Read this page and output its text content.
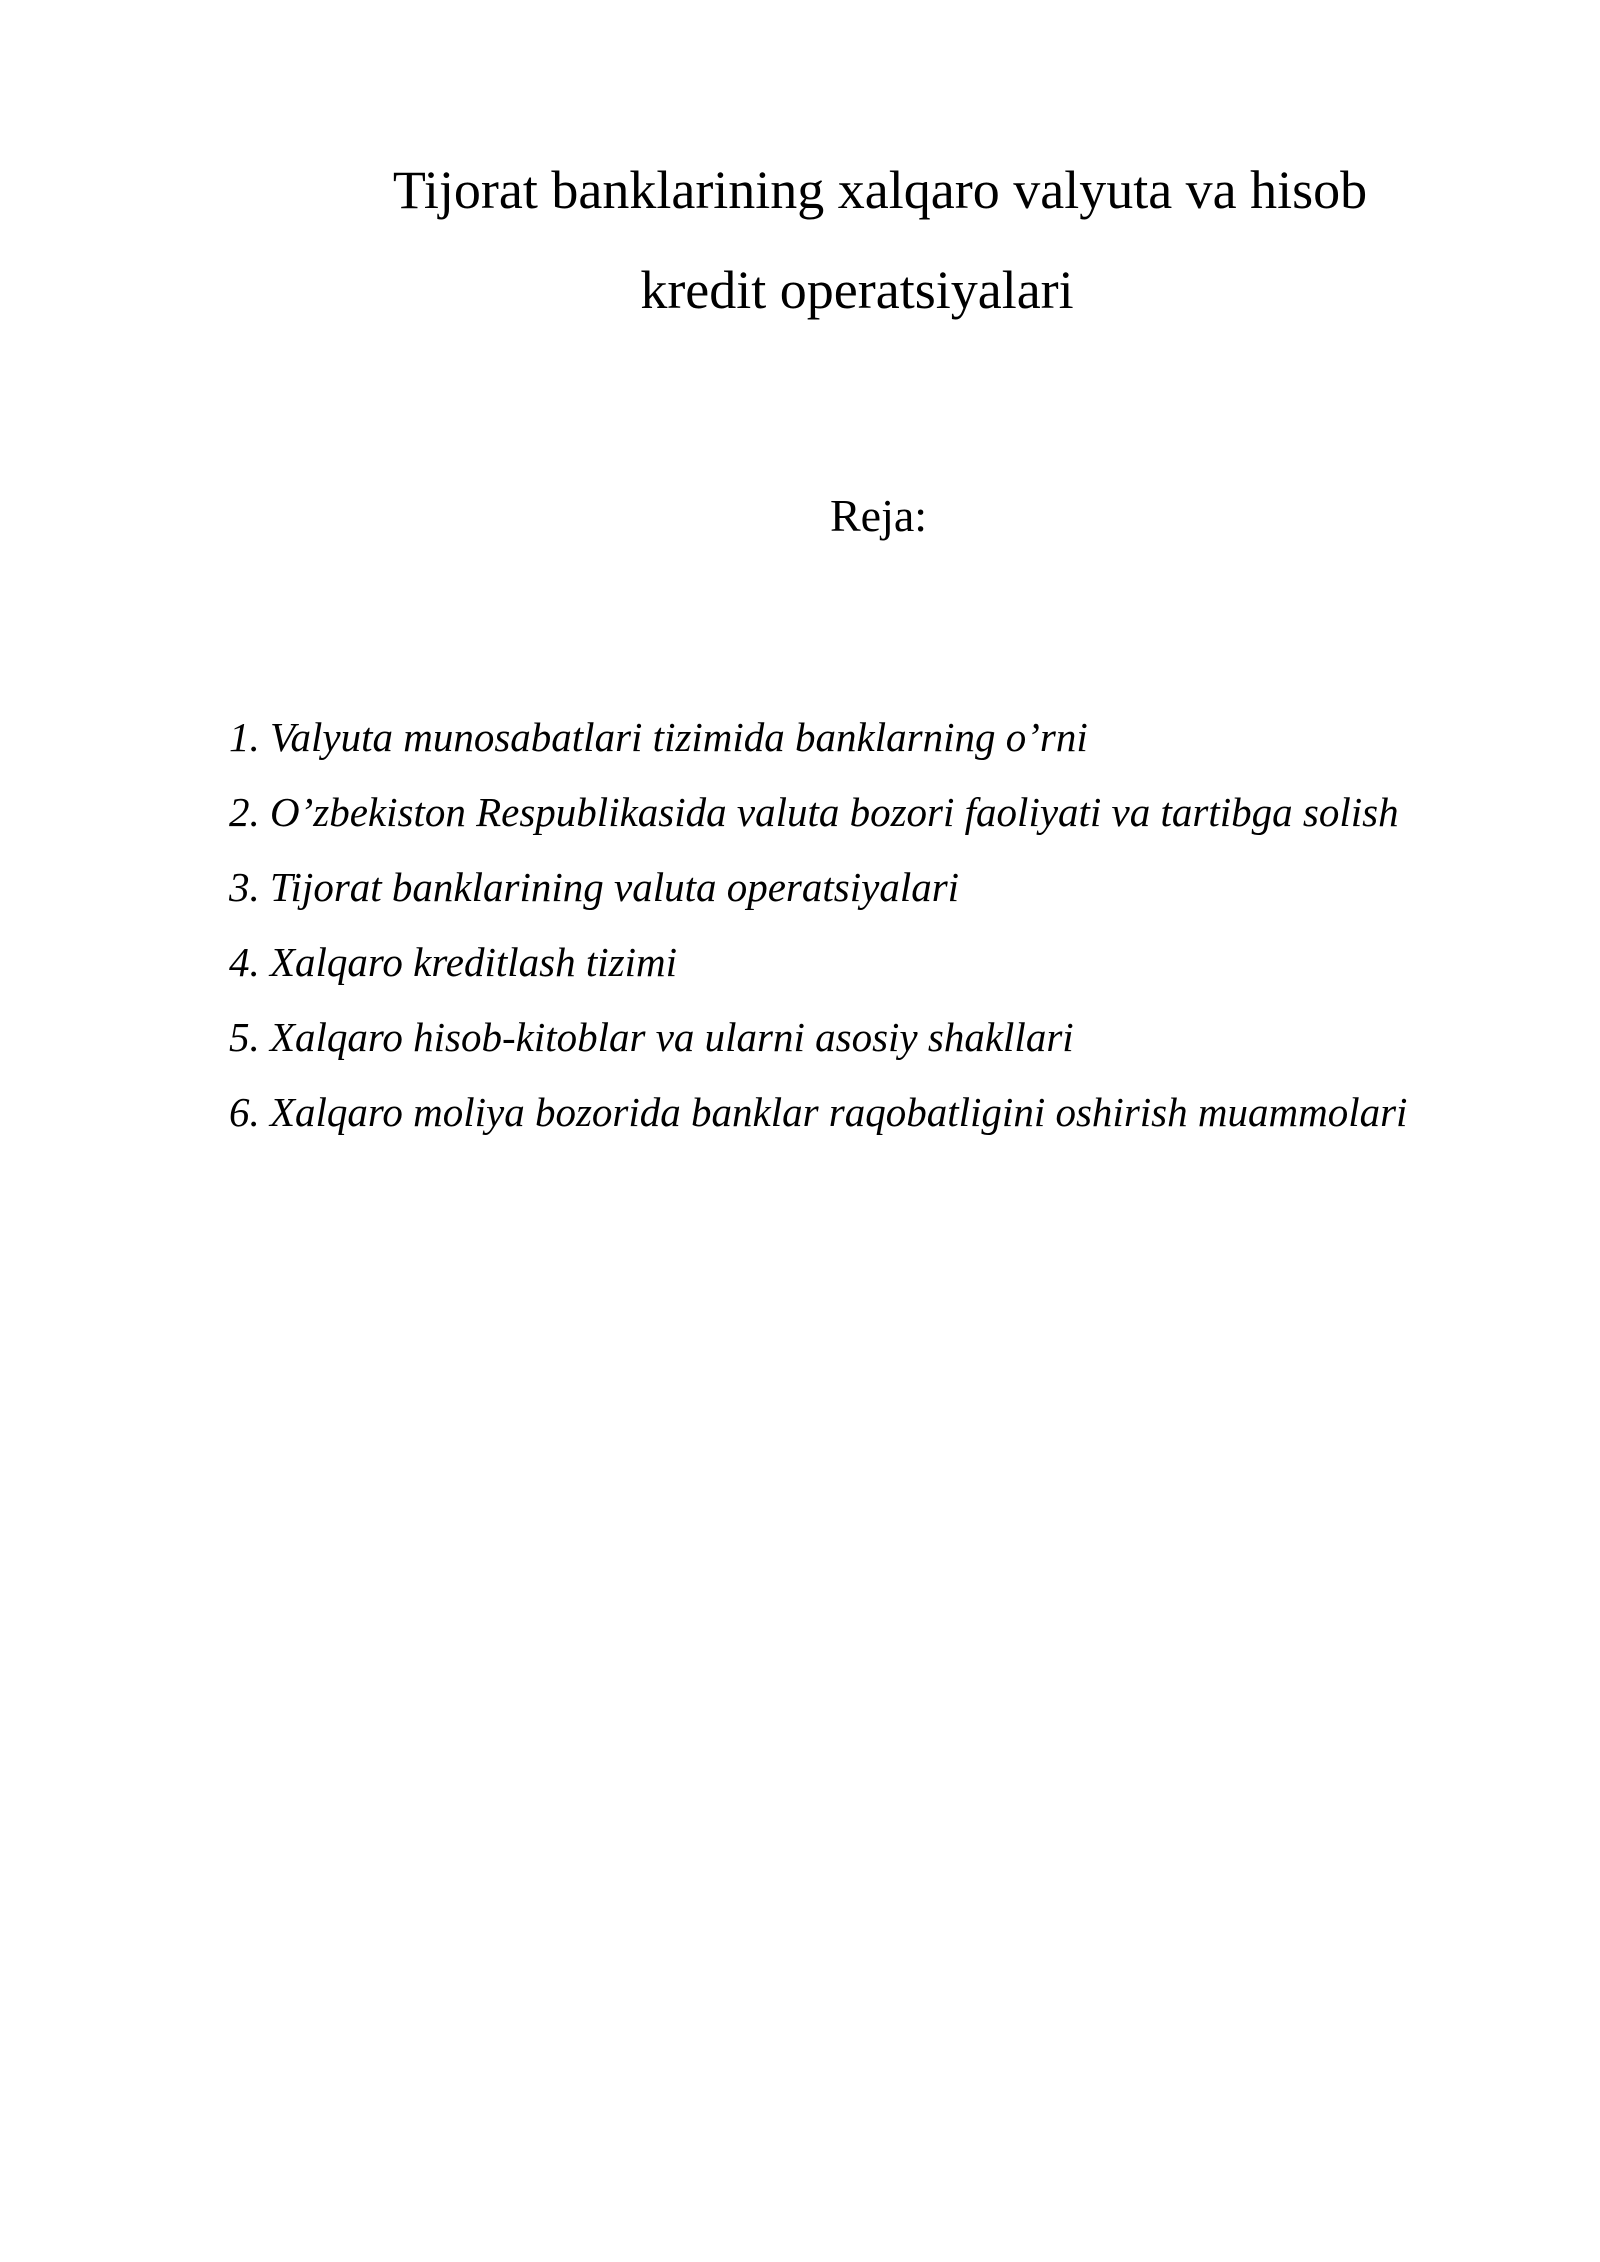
Tijorat banklarining xalqaro valyuta va hisob
kredit operatsiyalari
Reja:
1. Valyuta munosabatlari tizimida banklarning o’rni
2. O’zbekiston Respublikasida valuta bozori faoliyati va tartibga solish
3. Tijorat banklarining valuta operatsiyalari
4. Xalqaro kreditlash tizimi
5. Xalqaro hisob-kitoblar va ularni asosiy shakllari
6. Xalqaro moliya bozorida banklar raqobatligini oshirish muammolari
